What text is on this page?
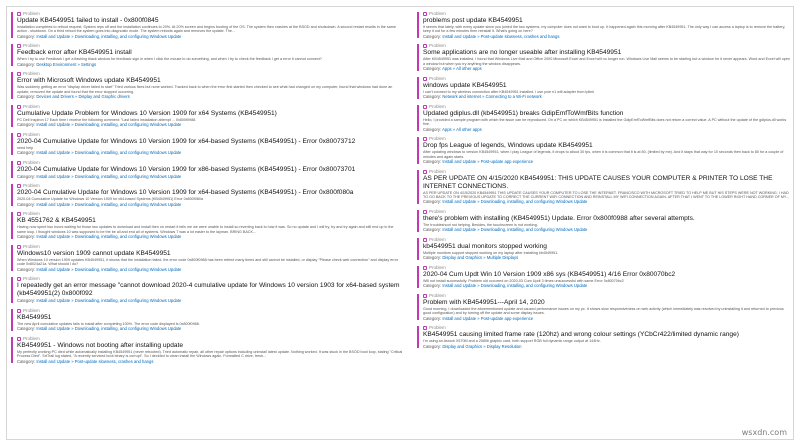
Problem
Update KB4549951 failed to install - 0x800f0845
Installation completes to reboot request. System reps off and the installation continues to 20%. At 20% screen and begins booting of the OS. The system then crashes at the BSOD and shutsdown. A second restart results in the same action - shutdown. On a third reboot the system goes into diagnostic mode. The system reboots again and removes the update. The...
Category: Install and Update » Downloading, installing, and configuring Windows Update
Problem
Feedback error after KB4549951 install
When I try to use Feedback I get a flashing black window for feedback sign in when I click the mouse to do something, and when I try to check the feedback I get a error it cannot connect?
Category: Desktop Environment » Settings
Problem
Error with Microsoft Windows update KB4549951
Was suddenly getting an error "display driver failed to start" Tried various fixes but none worked. Tracked back to when the error first started then checked to see what had changed on my computer, found that windows had done an update, removed the update and found that the error stopped occurring.
Category: Devices and Drivers » Display and Graphic drivers
Problem
Cumulative Update Problem for Windows 10 Version 1909 for x64 Systems (KB4549951)
PC Dell Inspiron 17 Each time I receive the following comment: "Last failed installation attempt ... 0x800f0988.
Category: Install and Update » Downloading, installing, and configuring Windows Update
Problem
2020-04 Cumulative Update for Windows 10 Version 1909 for x64-based Systems (KB4549951) - Error 0x80073712
need help
Category: Install and Update » Downloading, installing, and configuring Windows Update
Problem
2020-04 Cumulative Update for Windows 10 Version 1909 for x86-based Systems (KB4549951) - Error 0x80073701
Category: Install and Update » Downloading, installing, and configuring Windows Update
Problem
2020-04 Cumulative Update for Windows 10 Version 1909 for x64-based Systems (KB4549951) - Error 0x800f080a
2020-04 Cumulative Update for Windows 10 Version 1909 for x64-based Systems (KB4549951) Error 0x800f080a
Category: Install and Update » Downloading, installing, and configuring Windows Update
Problem
KB 4551762 & KB4549951
Having now spent two hours waiting for those two updates to download and install then on restart it tells me we were unable to install so reverting back to how it was. So no update and I will try, try and try again and still end up in the same loop. I thought windows 10 was supposed to be the be all and end all of systems. Windows 7 was a lot easier to the layman. BRING BACK...
Category: Install and Update » Downloading, installing, and configuring Windows Update
Problem
Windows10 version 1909 cannot update KB4549951
When Windows 10 version 1909 updates KB4549951, it shows that the installation failed, the error code 0x800f0988 has been retried many times and still cannot be installed, or display "Please check web connection" and display error code 0x8024a21a. What should I do?
Category: Install and Update » Downloading, installing, and configuring Windows Update
Problem
I repeatedly get an error message "cannot download 2020-4 cumulative update for Windows 10 version 1903 for x64-based system (kb4549951(2) 0x800f092
Category: Install and Update » Downloading, installing, and configuring Windows Update
Problem
KB4549951
The new April cumulative updates fails to install after completing 100%. The error code displayed is 0x800f0988.
Category: Install and Update » Downloading, installing, and configuring Windows Update
Problem
KB4549951 - Windows not booting after installing update
My perfectly working PC died while automatically installing KB4549951 (never rebooted). Tried automatic repair, all other repair options including uninstall latest update. Nothing worked. It was stuck in the BSOD boot loop, stating "Critical Process Died". SrtTrail log stated, "A recently serviced boot binary is corrupt". So I decided to clean install the Windows again. Formatted C drive, fresh...
Category: Install and Update » Post-update slowness, crashes and hangs
Problem
problems post update KB4549951
It seems that lately, with every update since you joined the two systems, my computer does not want to boot up. It happened again this morning after KB4549951. The only way I can access a laptop is to remove the battery, keep it out for a few minutes then reinstall it. What's going on here?
Category: Install and Update » Post-update slowness, crashes and hangs
Problem
Some applications are no longer useable after installing KB4549951
After KB4549951 was installed, I found that Windows Live Mail and Office 2000 Microsoft Excel and Excel will no longer run. Windows Live Mail seems to be starting but a window for it never appears. Word and Excel will open a window but when you try anything the window disappears.
Category: Apps » All other apps
Problem
windows update KB4549951
I can't connect to my wireless connection after KB4549951 installed. I use pcie n1 wifi adapter from tplink
Category: Network and internet » Connecting to a Wi-Fi network
Problem
Updated gdiplus.dll (kb4549951) breaks GdipEmfToWmfBits function
Hello, I provided a sample program with which the issue can be reproduced. On a PC on which KB4549951 is installed the GdipEmfToWmfBits does not return a correct value. A PC without the update of the gdiplus.dll works fine.
Category: Apps » All other apps
Problem
Drop fps League of legends, Windows update KB4549951
After updating windows to version KB4549951, when I play League of legends, it drops to about 30 fps, when it is common that it is at 80, (limited by me). And it stays that way for 10 seconds then back to 80 for a couple of minutes and again starts.
Category: Install and Update » Post-update app experience
Problem
AS PER UPDATE ON 4/15/2020 KB4549951: THIS UPDATE CAUSES YOUR COMPUTER & PRINTER TO LOSE THE INTERNET CONNECTIONS.
AS PER UPDATE ON 4/15/2020 KB4549951 THIS UPDATE CAUSES YOUR COMPUTER TO LOSE THE INTERNET. FRANCISCO WITH MICROSOFT TRIED TO HELP ME BUT HIS STEPS WERE NOT WORKING. I HAD TO GO BACK TO THE PREVIOUS UPDATE TO CORRECT THE CURRENT WIFI CONNECTION AND REINSTALL MY WIFI CONNECTION AGAIN. AFTER THAT I WENT TO THE LOWER RIGHT HAND CORNER OF MY...
Category: Install and Update » Downloading, installing, and configuring Windows Update
Problem
there's problem with installing (KB4549951) Update. Error 0x800f0988 after several attempts.
The troubleshoot not helping. Besides, the touchscreen is not working.
Category: Install and Update » Downloading, installing, and configuring Windows Update
Problem
kb4549951 dual monitors stopped working
Multiple monitors support stopped working on my laptop after installing kb4549951.
Category: Display and Graphics » Multiple Displays
Problem
2020-04 Cum Updt Win 10 Version 1909 x86 sys (KB4549951) 4/16 Error 0x80070bc2
Will not install successfully. Problem old occurred on 2020-03 Cum Updt 3 times unsuccessful with same Error 0x80070bc2
Category: Install and Update » Downloading, installing, and configuring Windows Update
Problem
Problem with KB4549951---April 14, 2020
Good morning. I downloaded the aforementioned update and caused performance issues on my pc. It shows slow responsiveness on web activity (which immediately was resolved by uninstalling it and returned to previous good configuration) and by turning off the update and some display issues.
Category: Install and Update » Post-update app experience
Problem
KB4549951 causing limited frame rate (120hz) and wrong colour settings (YCbCr422/limited dynamic range)
I'm using an Asrock X570M and a 2080ti graphic card, both support RGB full dynamic range output at 144Hz.
Category: Display and Graphics » Display Resolution
wsxdn.com
